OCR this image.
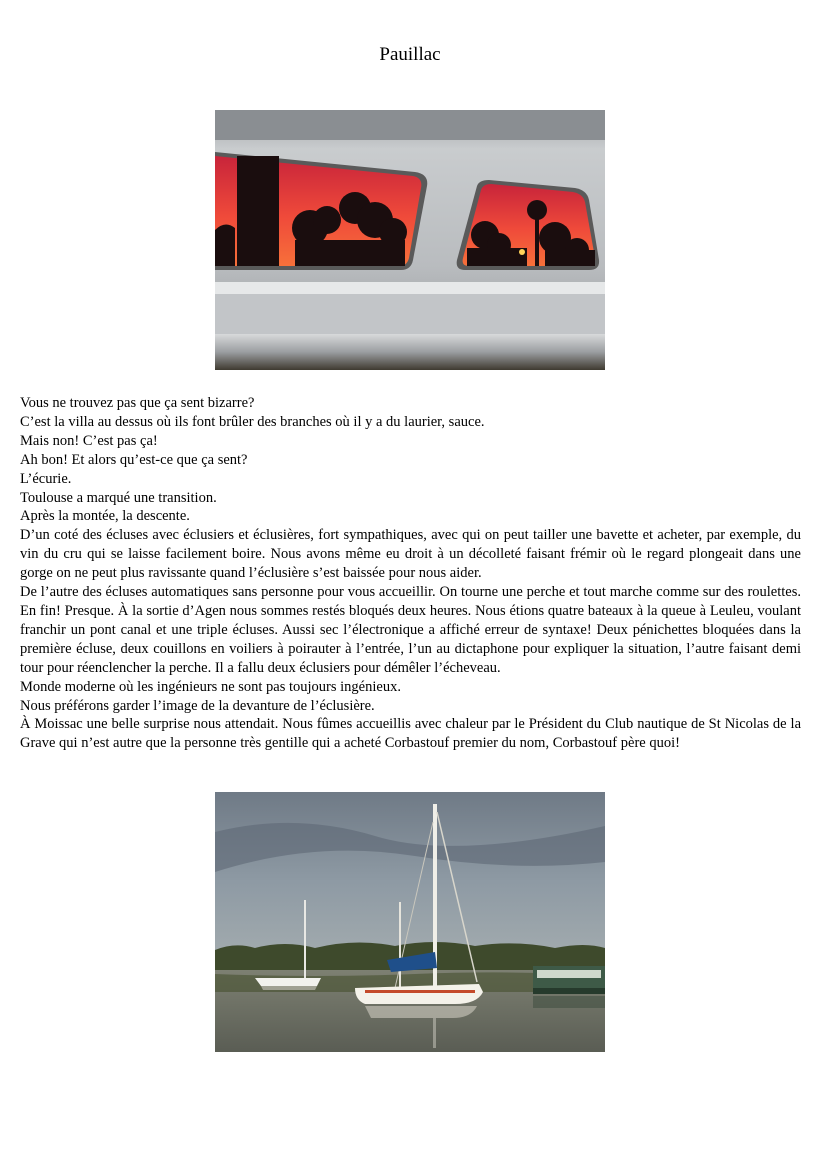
Pauillac

Vous ne trouvez pas que ça sent bizarre?

C’est la villa au dessus où ils font brûler des branches où il y a du laurier, sauce.

Mais non! C’est pas ça!

Ah bon! Et alors qu’est-ce que ça sent?

L’écurie.

Toulouse a marqué une transition.

Après la montée, la descente.

D’un coté des écluses avec éclusiers et éclusières, fort sympathiques, avec qui on peut tailler une bavette et acheter, par exemple, du vin du cru qui se laisse facilement boire. Nous avons même eu droit à un décolleté faisant frémir où le regard plongeait dans une gorge on ne peut plus ravissante quand l’éclusière s’est baissée pour nous aider.

De l’autre des écluses automatiques sans personne pour vous accueillir. On tourne une perche et tout marche comme sur des roulettes. En fin! Presque. À la sortie d’Agen nous sommes restés bloqués deux heures. Nous étions quatre bateaux à la queue à Leuleu, voulant franchir un pont canal et une triple écluses. Aussi sec l’électronique a affiché erreur de syntaxe! Deux pénichettes bloquées dans la première écluse, deux couillons en voiliers à poirauter à l’entrée, l’un au dictaphone pour expliquer la situation, l’autre faisant demi tour pour réenclencher la perche. Il a fallu deux éclusiers pour démêler l’écheveau.

Monde moderne où les ingénieurs ne sont pas toujours ingénieux.

Nous préférons garder l’image de la devanture de l’éclusière.

À Moissac une belle surprise nous attendait. Nous fûmes accueillis avec chaleur par le Président du Club nautique de St Nicolas de la Grave qui n’est autre que la personne très gentille qui a acheté Corbastouf premier du nom, Corbastouf père quoi!
